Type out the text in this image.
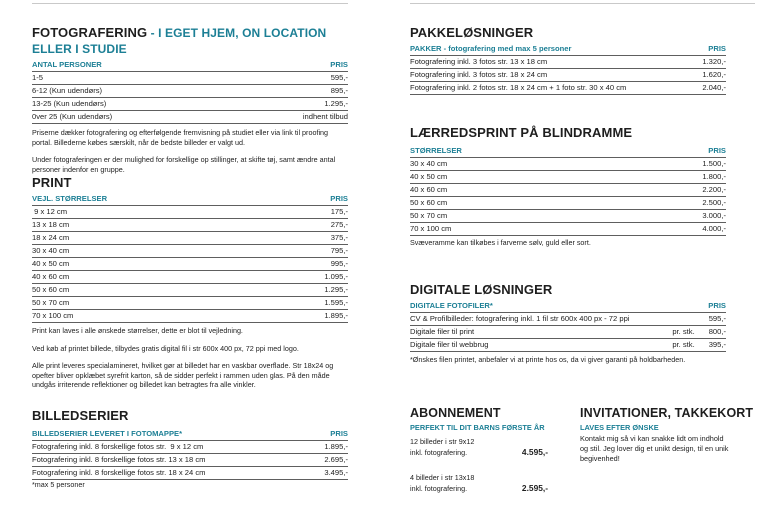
FOTOGRAFERING - I EGET HJEM, ON LOCATION ELLER I STUDIE
ANTAL PERSONER	PRIS
1-5	595,-
6-12 (Kun udendørs)	895,-
13-25 (Kun udendørs)	1.295,-
0ver 25 (Kun udendørs)	indhent tilbud
Priserne dækker fotografering og efterfølgende fremvisning på studiet eller via link til proofing portal. Billederne købes særskilt, når de bedste billeder er valgt ud.
Under fotograferingen er der mulighed for forskellige op stillinger, at skifte tøj, samt ændre antal personer indenfor en gruppe.
PRINT
VEJL. STØRRELSER	PRIS
9 x 12 cm	175,-
13 x 18 cm	275,-
18 x 24 cm	375,-
30 x 40 cm	795,-
40 x 50 cm	995,-
40 x 60 cm	1.095,-
50 x 60 cm	1.295,-
50 x 70 cm	1.595,-
70 x 100 cm	1.895,-
Print kan laves i alle ønskede størrelser, dette er blot til vejledning.
Ved køb af printet billede, tilbydes gratis digital fil i str 600x 400 px, 72 ppi med logo.
Alle print leveres specialamineret, hvilket gør at billedet har en vaskbar overflade. Str 18x24 og opefter bliver opklæbet syrefrit karton, så de sidder perfekt i rammen uden glas. På den måde undgås irriterende reflektioner og billedet kan betragtes fra alle vinkler.
BILLEDSERIER
BILLEDSERIER LEVERET I FOTOMAPPE*	PRIS
Fotografering inkl. 8 forskellige fotos str.  9 x 12 cm	1.895,-
Fotografering inkl. 8 forskellige fotos str. 13 x 18 cm	2.695,-
Fotografering inkl. 8 forskellige fotos str. 18 x 24 cm	3.495,-
*max 5 personer
PAKKELØSNINGER
PAKKER - fotografering med max 5 personer	PRIS
Fotografering inkl. 3 fotos str. 13 x 18 cm	1.320,-
Fotografering inkl. 3 fotos str. 18 x 24 cm	1.620,-
Fotografering inkl. 2 fotos str. 18 x 24 cm + 1 foto str. 30 x 40 cm	2.040,-
LÆRREDSPRINT PÅ BLINDRAMME
STØRRELSER	PRIS
30 x 40 cm	1.500,-
40 x 50 cm	1.800,-
40 x 60 cm	2.200,-
50 x 60 cm	2.500,-
50 x 70 cm	3.000,-
70 x 100 cm	4.000,-
Svæveramme kan tilkøbes i farverne sølv, guld eller sort.
DIGITALE LØSNINGER
DIGITALE FOTOFILER*	PRIS
CV & Profilbilleder: fotografering inkl. 1 fil str 600x 400 px - 72 ppi	595,-
Digitale filer til print	pr. stk.	800,-
Digitale filer til webbrug	pr. stk.	395,-
*Ønskes filen printet, anbefaler vi at printe hos os, da vi giver garanti på holdbarheden.
ABONNEMENT
PERFEKT TIL DIT BARNS FØRSTE ÅR
12 billeder i str 9x12
inkl. fotografering.	4.595,-
4 billeder i str 13x18
inkl. fotografering.	2.595,-
INVITATIONER, TAKKEKORT
LAVES EFTER ØNSKE
Kontakt mig så vi kan snakke lidt om indhold og stil. Jeg lover dig et unikt design, til en unik begivenhed!
